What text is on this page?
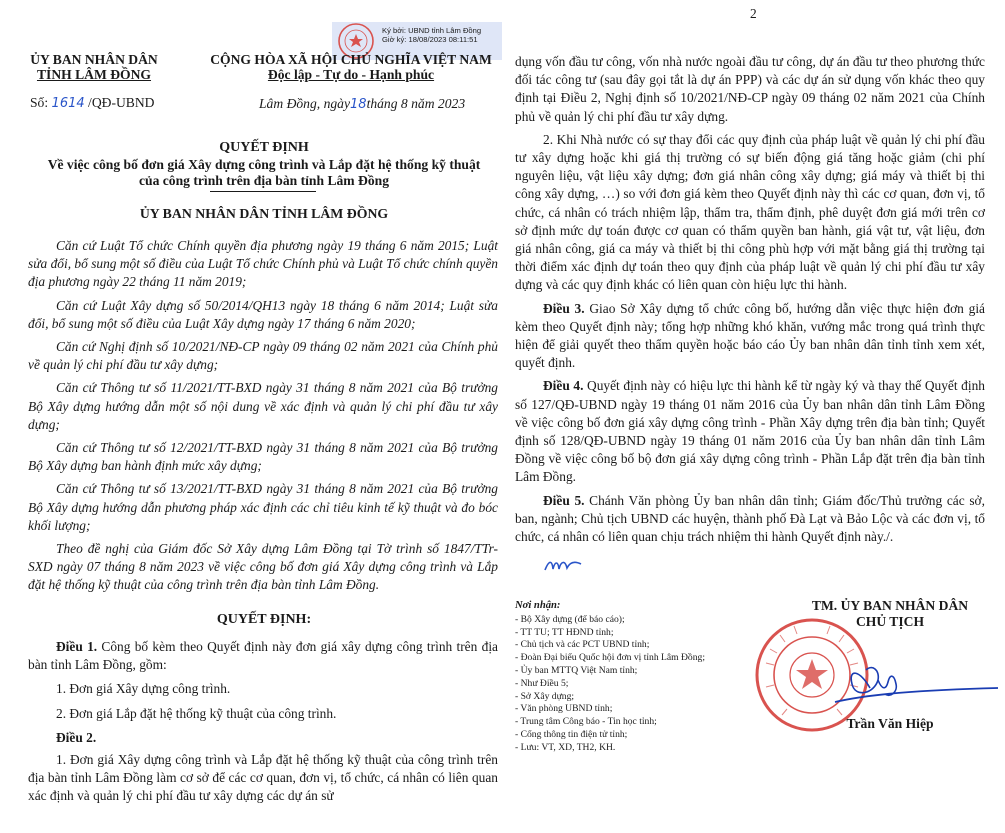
ỦY BAN NHÂN DÂN
TỈNH LÂM ĐỒNG
Số: 1614 /QĐ-UBND
Ký bởi: UBND tỉnh Lâm Đồng
Giờ ký: 18/08/2023 08:11:51
CỘNG HÒA XÃ HỘI CHỦ NGHĨA VIỆT NAM
Độc lập - Tự do - Hạnh phúc
Lâm Đồng, ngày18tháng 8 năm 2023
2
QUYẾT ĐỊNH
Về việc công bố đơn giá Xây dựng công trình và Lắp đặt hệ thống kỹ thuật
của công trình trên địa bàn tỉnh Lâm Đồng
ỦY BAN NHÂN DÂN TỈNH LÂM ĐỒNG

Căn cứ Luật Tổ chức Chính quyền địa phương ngày 19 tháng 6 năm 2015; Luật sửa đổi, bổ sung một số điều của Luật Tổ chức Chính phủ và Luật Tổ chức chính quyền địa phương ngày 22 tháng 11 năm 2019;

Căn cứ Luật Xây dựng số 50/2014/QH13 ngày 18 tháng 6 năm 2014; Luật sửa đổi, bổ sung một số điều của Luật Xây dựng ngày 17 tháng 6 năm 2020;

Căn cứ Nghị định số 10/2021/NĐ-CP ngày 09 tháng 02 năm 2021 của Chính phủ về quản lý chi phí đầu tư xây dựng;

Căn cứ Thông tư số 11/2021/TT-BXD ngày 31 tháng 8 năm 2021 của Bộ trưởng Bộ Xây dựng hướng dẫn một số nội dung về xác định và quản lý chi phí đầu tư xây dựng;

Căn cứ Thông tư số 12/2021/TT-BXD ngày 31 tháng 8 năm 2021 của Bộ trưởng Bộ Xây dựng ban hành định mức xây dựng;

Căn cứ Thông tư số 13/2021/TT-BXD ngày 31 tháng 8 năm 2021 của Bộ trưởng Bộ Xây dựng hướng dẫn phương pháp xác định các chỉ tiêu kinh tế kỹ thuật và đo bóc khối lượng;

Theo đề nghị của Giám đốc Sở Xây dựng Lâm Đồng tại Tờ trình số 1847/TTr-SXD ngày 07 tháng 8 năm 2023 về việc công bố đơn giá Xây dựng công trình và Lắp đặt hệ thống kỹ thuật của công trình trên địa bàn tỉnh Lâm Đồng.

QUYẾT ĐỊNH:

Điều 1. Công bố kèm theo Quyết định này đơn giá xây dựng công trình trên địa bàn tỉnh Lâm Đồng, gồm:

1. Đơn giá Xây dựng công trình.

2. Đơn giá Lắp đặt hệ thống kỹ thuật của công trình.

Điều 2.

1. Đơn giá Xây dựng công trình và Lắp đặt hệ thống kỹ thuật của công trình trên địa bàn tỉnh Lâm Đồng làm cơ sở để các cơ quan, đơn vị, tổ chức, cá nhân có liên quan xác định và quản lý chi phí đầu tư xây dựng các dự án sử

dụng vốn đầu tư công, vốn nhà nước ngoài đầu tư công, dự án đầu tư theo phương thức đối tác công tư (sau đây gọi tắt là dự án PPP) và các dự án sử dụng vốn khác theo quy định tại Điều 2, Nghị định số 10/2021/NĐ-CP ngày 09 tháng 02 năm 2021 của Chính phủ về quản lý chi phí đầu tư xây dựng.

2. Khi Nhà nước có sự thay đổi các quy định của pháp luật về quản lý chi phí đầu tư xây dựng hoặc khi giá thị trường có sự biến động giá tăng hoặc giảm (chi phí nguyên liệu, vật liệu xây dựng; đơn giá nhân công xây dựng; giá máy và thiết bị thi công xây dựng, …) so với đơn giá kèm theo Quyết định này thì các cơ quan, đơn vị, tổ chức, cá nhân có trách nhiệm lập, thẩm tra, thẩm định, phê duyệt đơn giá mới trên cơ sở định mức dự toán được cơ quan có thẩm quyền ban hành, giá vật tư, vật liệu, đơn giá nhân công, giá ca máy và thiết bị thi công phù hợp với mặt bằng giá thị trường tại thời điểm xác định dự toán theo quy định của pháp luật về quản lý chi phí đầu tư xây dựng và các quy định khác có liên quan còn hiệu lực thi hành.

Điều 3. Giao Sở Xây dựng tổ chức công bố, hướng dẫn việc thực hiện đơn giá kèm theo Quyết định này; tổng hợp những khó khăn, vướng mắc trong quá trình thực hiện để giải quyết theo thẩm quyền hoặc báo cáo Ủy ban nhân dân tỉnh tỉnh xem xét, quyết định.

Điều 4. Quyết định này có hiệu lực thi hành kể từ ngày ký và thay thế Quyết định số 127/QĐ-UBND ngày 19 tháng 01 năm 2016 của Ủy ban nhân dân tỉnh Lâm Đồng về việc công bố đơn giá xây dựng công trình - Phần Xây dựng trên địa bàn tỉnh; Quyết định số 128/QĐ-UBND ngày 19 tháng 01 năm 2016 của Ủy ban nhân dân tỉnh Lâm Đồng về việc công bố bộ đơn giá xây dựng công trình - Phần Lắp đặt trên địa bàn tỉnh Lâm Đồng.

Điều 5. Chánh Văn phòng Ủy ban nhân dân tỉnh; Giám đốc/Thủ trưởng các sở, ban, ngành; Chủ tịch UBND các huyện, thành phố Đà Lạt và Bảo Lộc và các đơn vị, tổ chức, cá nhân có liên quan chịu trách nhiệm thi hành Quyết định này./.

Nơi nhận:
- Bộ Xây dựng (để báo cáo);
- TT TU; TT HĐND tỉnh;
- Chủ tịch và các PCT UBND tỉnh;
- Đoàn Đại biểu Quốc hội đơn vị tỉnh Lâm Đồng;
- Ủy ban MTTQ Việt Nam tỉnh;
- Như Điều 5;
- Sở Xây dựng;
- Văn phòng UBND tỉnh;
- Trung tâm Công báo - Tin học tỉnh;
- Cổng thông tin điện tử tỉnh;
- Lưu: VT, XD, TH2, KH.
TM. ỦY BAN NHÂN DÂN
CHỦ TỊCH
Trần Văn Hiệp
